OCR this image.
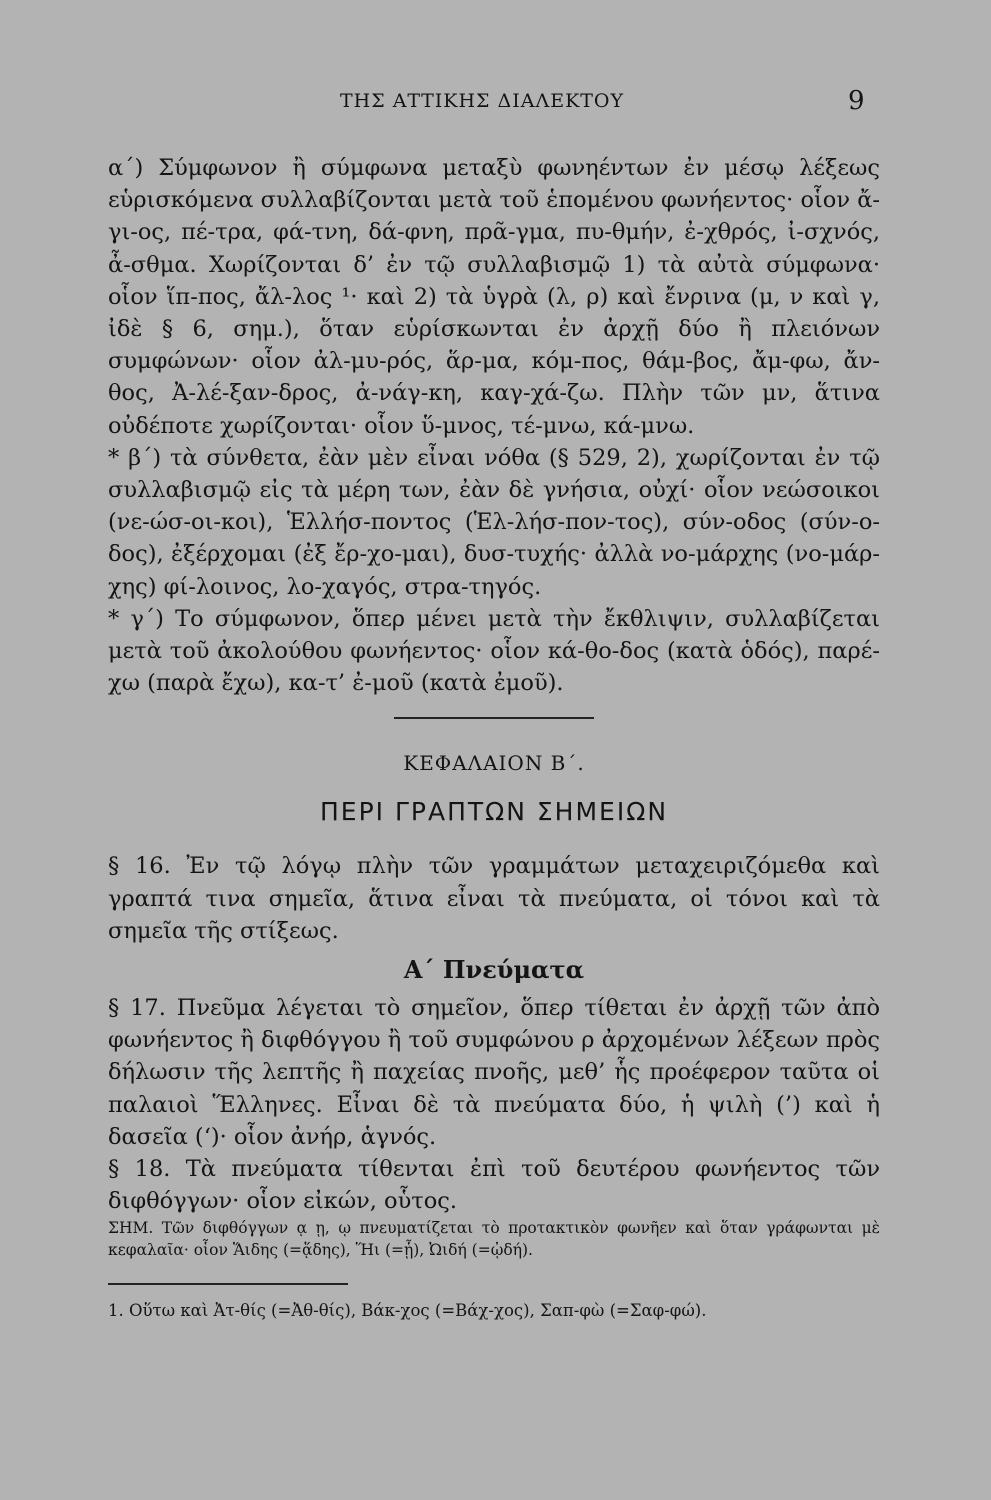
ΤΗΣ ΑΤΤΙΚΗΣ ΔΙΑΛΕΚΤΟΥ	9

α΄) Σύμφωνον ἢ σύμφωνα μεταξὺ φωνηέντων ἐν μέσῳ λέξεως εὑρισκόμενα συλλαβίζονται μετὰ τοῦ ἑπομένου φωνήεντος· οἷον ἄ-γι-ος, πέ-τρα, φά-τνη, δά-φνη, πρᾶ-γμα, πυ-θμήν, ἐ-χθρός, ἰ-σχνός, ἆ-σθμα. Χωρίζονται δ’ ἐν τῷ συλλαβισμῷ 1) τὰ αὐτὰ σύμφωνα· οἷον ἵπ-πος, ἄλ-λος ¹· καὶ 2) τὰ ὑγρὰ (λ, ρ) καὶ ἔνρινα (μ, ν καὶ γ, ἰδὲ § 6, σημ.), ὅταν εὑρίσκωνται ἐν ἀρχῇ δύο ἢ πλειόνων συμφώνων· οἷον ἀλ-μυ-ρός, ἅρ-μα, κόμ-πος, θάμ-βος, ἄμ-φω, ἄν-θος, Ἀ-λέ-ξαν-δρος, ἀ-νάγ-κη, καγ-χά-ζω. Πλὴν τῶν μν, ἅτινα οὐδέποτε χωρίζονται· οἷον ὕ-μνος, τέ-μνω, κά-μνω.

* β΄) τὰ σύνθετα, ἐὰν μὲν εἶναι νόθα (§ 529, 2), χωρίζονται ἐν τῷ συλλαβισμῷ εἰς τὰ μέρη των, ἐὰν δὲ γνήσια, οὐχί· οἷον νεώσοικοι (νε-ώσ-οι-κοι), Ἑλλήσ-ποντος (Ἑλ-λήσ-πον-τος), σύν-οδος (σύν-ο-δος), ἐξέρχομαι (ἐξ ἔρ-χο-μαι), δυσ-τυχής· ἀλλὰ νο-μάρχης (νο-μάρ-χης) φί-λοινος, λο-χαγός, στρα-τηγός.

* γ΄) Το σύμφωνον, ὅπερ μένει μετὰ τὴν ἔκθλιψιν, συλλαβίζεται μετὰ τοῦ ἀκολούθου φωνήεντος· οἷον κά-θο-δος (κατὰ ὁδός), παρέ-χω (παρὰ ἔχω), κα-τ’ ἐ-μοῦ (κατὰ ἐμοῦ).

ΚΕΦΑΛΑΙΟΝ Β΄.
ΠΕΡΙ ΓΡΑΠΤΩΝ ΣΗΜΕΙΩΝ

§ 16. Ἐν τῷ λόγῳ πλὴν τῶν γραμμάτων μεταχειριζόμεθα καὶ γραπτά τινα σημεῖα, ἅτινα εἶναι τὰ πνεύματα, οἱ τόνοι καὶ τὰ σημεῖα τῆς στίξεως.

Α΄ Πνεύματα

§ 17. Πνεῦμα λέγεται τὸ σημεῖον, ὅπερ τίθεται ἐν ἀρχῇ τῶν ἀπὸ φωνήεντος ἢ διφθόγγου ἢ τοῦ συμφώνου ρ ἀρχομένων λέξεων πρὸς δήλωσιν τῆς λεπτῆς ἢ παχείας πνοῆς, μεθ’ ἧς προέφερον ταῦτα οἱ παλαιοὶ Ἕλληνες. Εἶναι δὲ τὰ πνεύματα δύο, ἡ ψιλὴ (’) καὶ ἡ δασεῖα (‘)· οἷον ἀνήρ, ἁγνός.

§ 18. Τὰ πνεύματα τίθενται ἐπὶ τοῦ δευτέρου φωνήεντος τῶν διφθόγγων· οἷον εἰκών, οὗτος.

ΣΗΜ. Τῶν διφθόγγων ᾳ ῃ, ῳ πνευματίζεται τὸ προτακτικὸν φωνῆεν καὶ ὅταν γράφωνται μὲ κεφαλαῖα· οἷον Ἅιδης (=ᾅδης), Ἥι (=ᾗ), Ὠιδή (=ᾠδή).

1. Οὕτω καὶ Ἀτ-θίς (=Ἀθ-θίς), Βάκ-χος (=Βάχ-χος), Σαπ-φὼ (=Σαφ-φώ).
